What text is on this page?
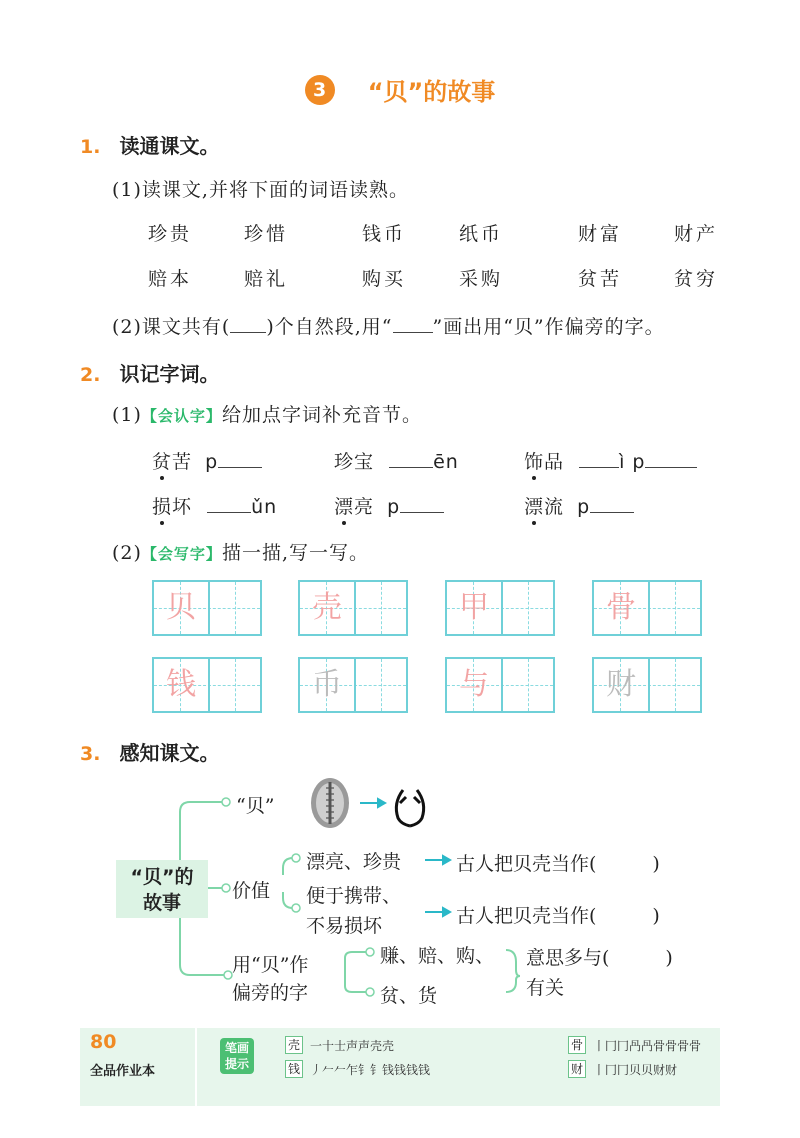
3 “贝”的故事
1. 读通课文。
(1)读课文,并将下面的词语读熟。
珍贵	珍惜	钱币	纸币	财富	财产
赔本	赔礼	购买	采购	贫苦	贫穷
(2)课文共有( )个自然段,用“ ”画出用“贝”作偏旁的字。
2. 识记字词。
(1)【会认字】给加点字词补充音节。
贫苦 p	珍宝	ēn	饰品	ì p
损坏	ǔn	漂亮 p	漂流 p
(2)【会写字】描一描,写一写。
贝	壳	甲	骨
钱	币	与	财
3. 感知课文。
“贝”的
故事
“贝”
价值
漂亮、珍贵
便于携带、
不易损坏
古人把贝壳当作(	)
古人把贝壳当作(	)
用“贝”作
偏旁的字
赚、赔、购、
贫、货
意思多与(	)
有关
80
全品作业本
笔画提示
壳 一十士声声壳壳
钱 丿𠂉𠂉乍钅钅钱钱钱钱
骨 丨冂冂冎冎骨骨骨骨
财 丨冂冂贝贝财财
